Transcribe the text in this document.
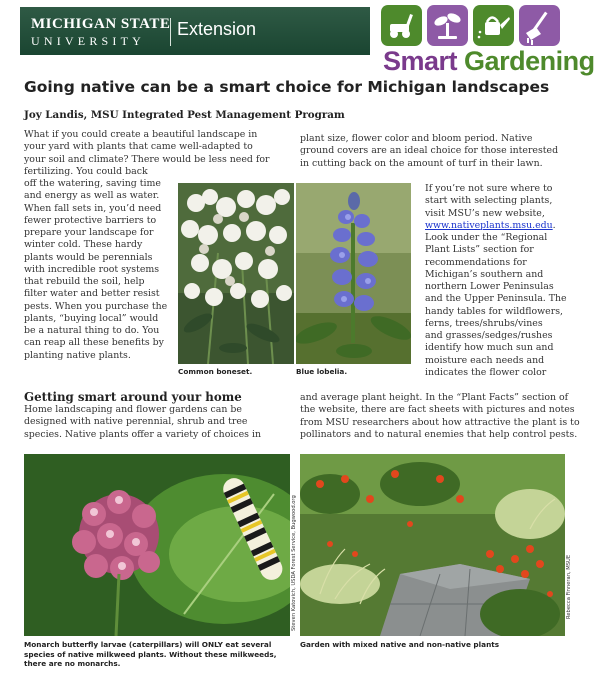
MICHIGAN STATE
UNIVERSITY
Extension
Smart Gardening
Going native can be a smart choice for Michigan landscapes
Joy Landis, MSU Integrated Pest Management Program
What if you could create a beautiful landscape in
your yard with plants that came well-adapted to
your soil and climate? There would be less need for
fertilizing. You could back
off the watering, saving time
and energy as well as water.
When fall sets in, you’d need
fewer protective barriers to
prepare your landscape for
winter cold. These hardy
plants would be perennials
with incredible root systems
that rebuild the soil, help
filter water and better resist
pests. When you purchase the
plants, “buying local” would
be a natural thing to do. You
can reap all these benefits by
planting native plants.
Getting smart around your home
Home landscaping and flower gardens can be
designed with native perennial, shrub and tree
species. Native plants offer a variety of choices in
plant size, flower color and bloom period. Native
ground covers are an ideal choice for those interested
in cutting back on the amount of turf in their lawn.
If you’re not sure where to
start with selecting plants,
visit MSU’s new website,
www.nativeplants.msu.edu.
Look under the “Regional
Plant Lists” section for
recommendations for
Michigan’s southern and
northern Lower Peninsulas
and the Upper Peninsula. The
handy tables for wildflowers,
ferns, trees/shrubs/vines
and grasses/sedges/rushes
identify how much sun and
moisture each needs and
indicates the flower color
and average plant height. In the “Plant Facts” section of
the website, there are fact sheets with pictures and notes
from MSU researchers about how attractive the plant is to
pollinators and to natural enemies that help control pests.
Common boneset.	Blue lobelia.
Steven Katovich, USDA Forest Service, Bugwood.org
Monarch butterfly larvae (caterpillars) will ONLY eat several
species of native milkweed plants. Without these milkweeds,
there are no monarchs.
Rebecca Finneran, MSUE
Garden with mixed native and non-native plants
